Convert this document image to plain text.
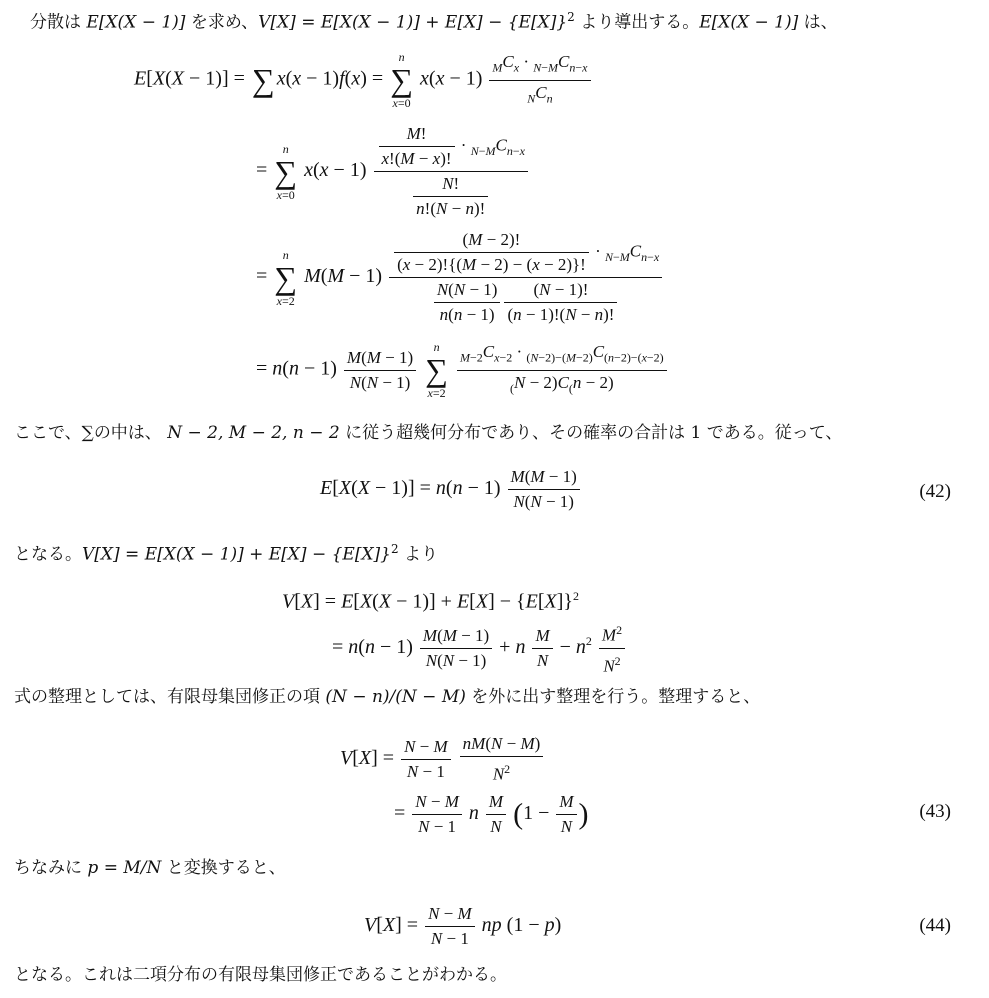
分散は E[X(X − 1)] を求め、$V[X] = E[X(X - 1)] + E[X] - \{E[X]\}^2$ より導出する。E[X(X − 1)] は、
E[X(X − 1)] = ∑ x(x − 1)f(x) = n
∑
x=0 $x(x - 1) \frac{_MC_x \cdot _{N-M}C_{n-x}}{_NC_n}$
= n
∑
x=0 $x(x - 1) \frac{\frac{M!}{x!(M - x)!} \cdot _{N-M}C_{n-x}}{\frac{N!}{n!(N - n)!}}$
= n
∑
x=2 $M(M - 1) \frac{\frac{(M - 2)!}{(x - 2)!\{(M - 2) - (x - 2)\}!} \cdot _{N-M}C_{n-x}}{\frac{N(N - 1)}{n(n - 1)} \frac{(N - 1)!}{(n - 1)!(N - n)!}}$
= $n(n - 1) \frac{M(M - 1)}{N(N - 1)}$ n
∑
$x=2 \frac{_{M-2}C_{x-2} \cdot _{(N-2)-(M-2)}C_{(n-2)-(x-2)}}{_(N - 2)C_(n - 2)}$
ここで、∑の中は、 N − 2, M − 2, n − 2 に従う超幾何分布であり、その確率の合計は 1 である。従って、
$E[X(X - 1)] = n(n - 1) \frac{M(M - 1)}{N(N - 1)}$	(42)
となる。$V[X] = E[X(X - 1)] + E[X] - \{E[X]\}^2$ より
$V[X] = E[X(X - 1)] + E[X] - \{E[X]\}^2$
= $n(n - 1) \frac{M(M - 1)}{N(N - 1)} + n \frac{M}{N} - n^2 \frac{M^2}{N^2}$
式の整理としては、有限母集団修正の項 (N − n)/(N − M) を外に出す整理を行う。整理すると、
$V[X] = \frac{N - M}{N - 1}$
$\frac{nM(N - M)}{N^2}$
= $\frac{N - M}{N - 1}$ n $\frac{M}{N} (1 - \frac{M}{N}$ )	(43)
ちなみに p = M/N と変換すると、
$V[X] = \frac{N - M}{N - 1}$ np (1 − p)	(44)
となる。これは二項分布の有限母集団修正であることがわかる。
